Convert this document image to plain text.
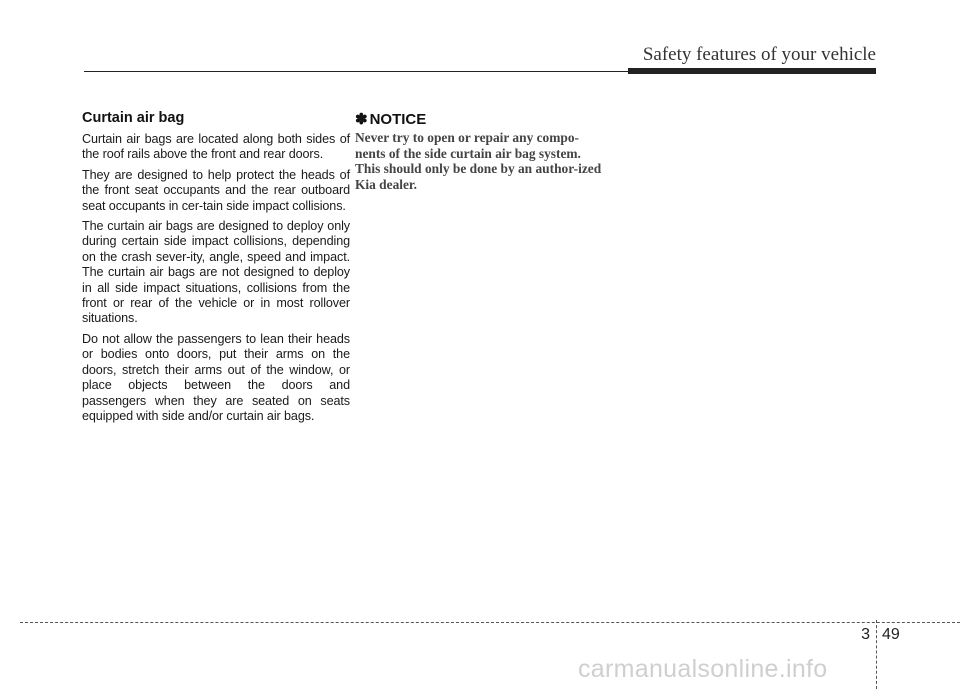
Safety features of your vehicle
Curtain air bag

Curtain air bags are located along both sides of the roof rails above the front and rear doors.

They are designed to help protect the heads of the front seat occupants and the rear outboard seat occupants in cer-tain side impact collisions.

The curtain air bags are designed to deploy only during certain side impact collisions, depending on the crash sever-ity, angle, speed and impact. The curtain air bags are not designed to deploy in all side impact situations, collisions from the front or rear of the vehicle or in most rollover situations.

Do not allow the passengers to lean their heads or bodies onto doors, put their arms on the doors, stretch their arms out of the window, or place objects between the doors and passengers when they are seated on seats equipped with side and/or curtain air bags.

✽ NOTICE

Never try to open or repair any compo-nents of the side curtain air bag system. This should only be done by an author-ized Kia dealer.

3 49
carmanualsonline.info
